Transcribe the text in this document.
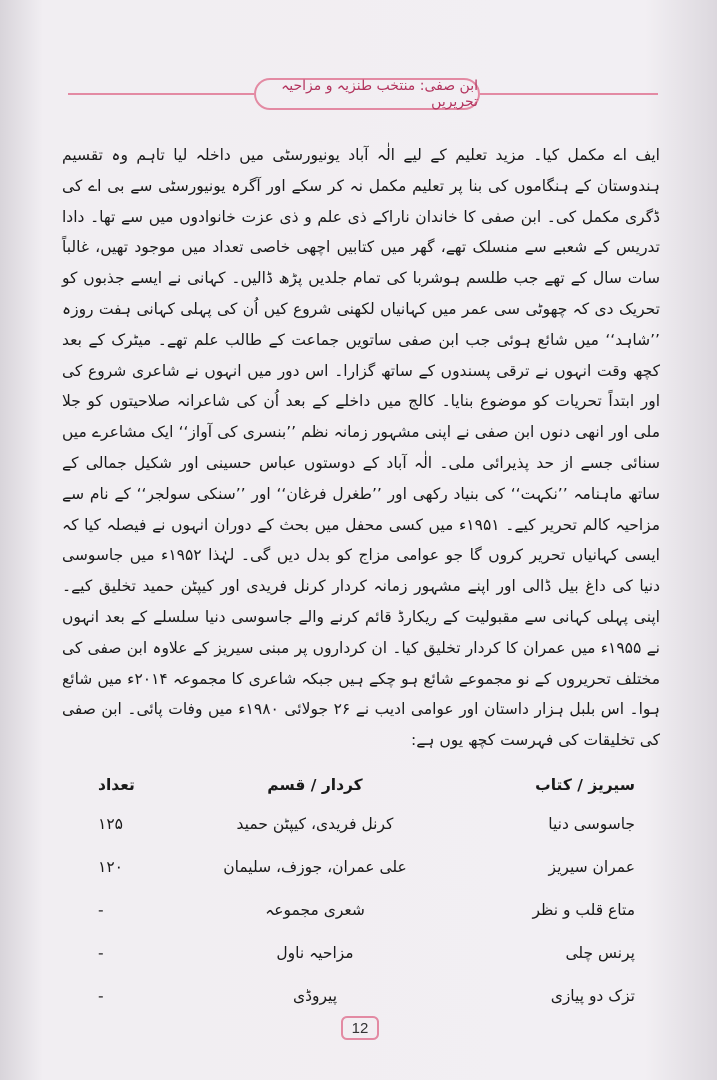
ابن صفی: منتخب طنزیہ و مزاحیہ تحریریں

ایف اے مکمل کیا۔ مزید تعلیم کے لیے الٰہ آباد یونیورسٹی میں داخلہ لیا تاہم وہ تقسیم ہندوستان کے ہنگاموں کی بنا پر تعلیم مکمل نہ کر سکے اور آگرہ یونیورسٹی سے بی اے کی ڈگری مکمل کی۔ ابن صفی کا خاندان ناراکے ذی علم و ذی عزت خانوادوں میں سے تھا۔ دادا تدریس کے شعبے سے منسلک تھے، گھر میں کتابیں اچھی خاصی تعداد میں موجود تھیں، غالباً سات سال کے تھے جب طلسم ہوشربا کی تمام جلدیں پڑھ ڈالیں۔ کہانی نے ایسے جذبوں کو تحریک دی کہ چھوٹی سی عمر میں کہانیاں لکھنی شروع کیں اُن کی پہلی کہانی ہفت روزہ ’’شاہد‘‘ میں شائع ہوئی جب ابن صفی ساتویں جماعت کے طالب علم تھے۔ میٹرک کے بعد کچھ وقت انہوں نے ترقی پسندوں کے ساتھ گزارا۔ اس دور میں انہوں نے شاعری شروع کی اور ابتداً تحریات کو موضوع بنایا۔ کالج میں داخلے کے بعد اُن کی شاعرانہ صلاحیتوں کو جلا ملی اور انھی دنوں ابن صفی نے اپنی مشہور زمانہ نظم ’’بنسری کی آواز‘‘ ایک مشاعرے میں سنائی جسے از حد پذیرائی ملی۔ الٰہ آباد کے دوستوں عباس حسینی اور شکیل جمالی کے ساتھ ماہنامہ ’’نکہت‘‘ کی بنیاد رکھی اور ’’طغرل فرغان‘‘ اور ’’سنکی سولجر‘‘ کے نام سے مزاحیہ کالم تحریر کیے۔ ۱۹۵۱ء میں کسی محفل میں بحث کے دوران انہوں نے فیصلہ کیا کہ ایسی کہانیاں تحریر کروں گا جو عوامی مزاج کو بدل دیں گی۔ لہٰذا ۱۹۵۲ء میں جاسوسی دنیا کی داغ بیل ڈالی اور اپنے مشہور زمانہ کردار کرنل فریدی اور کیپٹن حمید تخلیق کیے۔ اپنی پہلی کہانی سے مقبولیت کے ریکارڈ قائم کرنے والے جاسوسی دنیا سلسلے کے بعد انہوں نے ۱۹۵۵ء میں عمران کا کردار تخلیق کیا۔ ان کرداروں پر مبنی سیریز کے علاوہ ابن صفی کی مختلف تحریروں کے نو مجموعے شائع ہو چکے ہیں جبکہ شاعری کا مجموعہ ۲۰۱۴ء میں شائع ہوا۔ اس بلبل ہزار داستان اور عوامی ادیب نے ۲۶ جولائی ۱۹۸۰ء میں وفات پائی۔ ابن صفی کی تخلیقات کی فہرست کچھ یوں ہے:

سیریز / کتاب
کردار / قسم
تعداد
جاسوسی دنیا
کرنل فریدی، کیپٹن حمید
۱۲۵
عمران سیریز
علی عمران، جوزف، سلیمان
۱۲۰
متاع قلب و نظر
شعری مجموعہ
-
پرنس چلی
مزاحیہ ناول
-
تزک دو پیازی
پیروڈی
-
12
